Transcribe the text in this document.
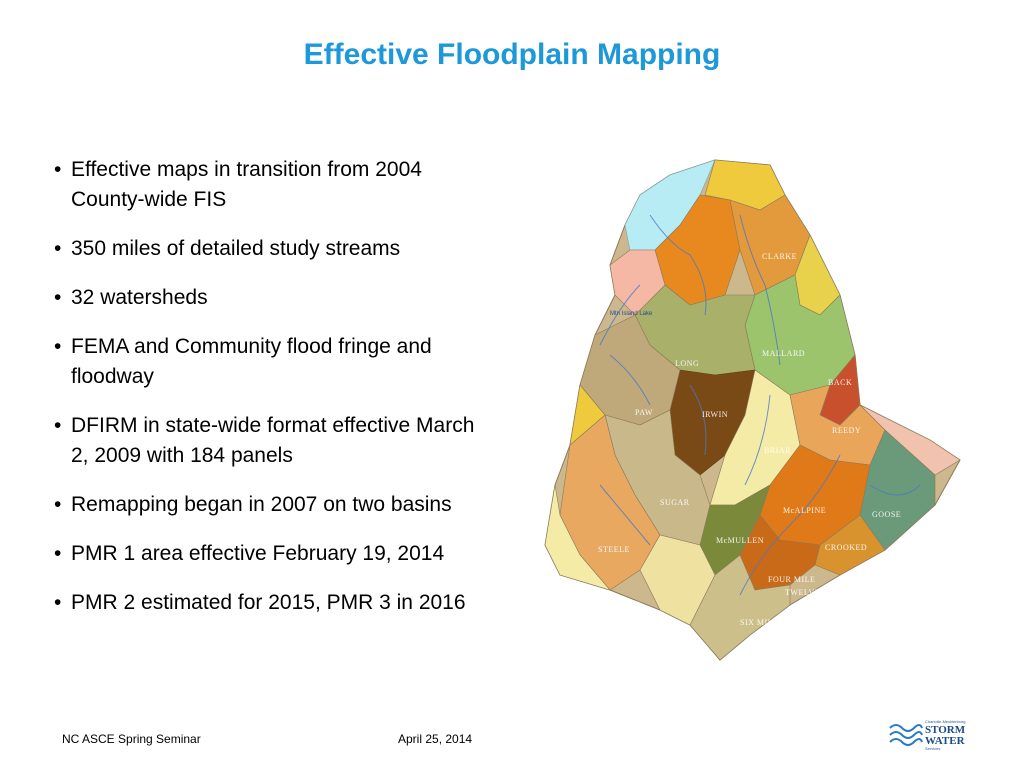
Effective Floodplain Mapping
• Effective maps in transition from 2004 County-wide FIS
• 350 miles of detailed study streams
• 32 watersheds
• FEMA and Community flood fringe and floodway
• DFIRM in state-wide format effective March 2, 2009 with 184 panels
• Remapping began in 2007 on two basins
• PMR 1 area effective February 19, 2014
• PMR 2 estimated for 2015, PMR 3 in 2016
CLARKE
MALLARD
LONG
BACK
REEDY
IRWIN
PAW
BRIAR
McALPINE	GOOSE
McMULLEN
CROOKED
FOUR MILE
TWELVE
SIX MILE
STEELE
SUGAR
Mtn Island Lake
NC ASCE Spring Seminar	April 25, 2014
Charlotte-Mecklenburg
STORM
WATER
Services
